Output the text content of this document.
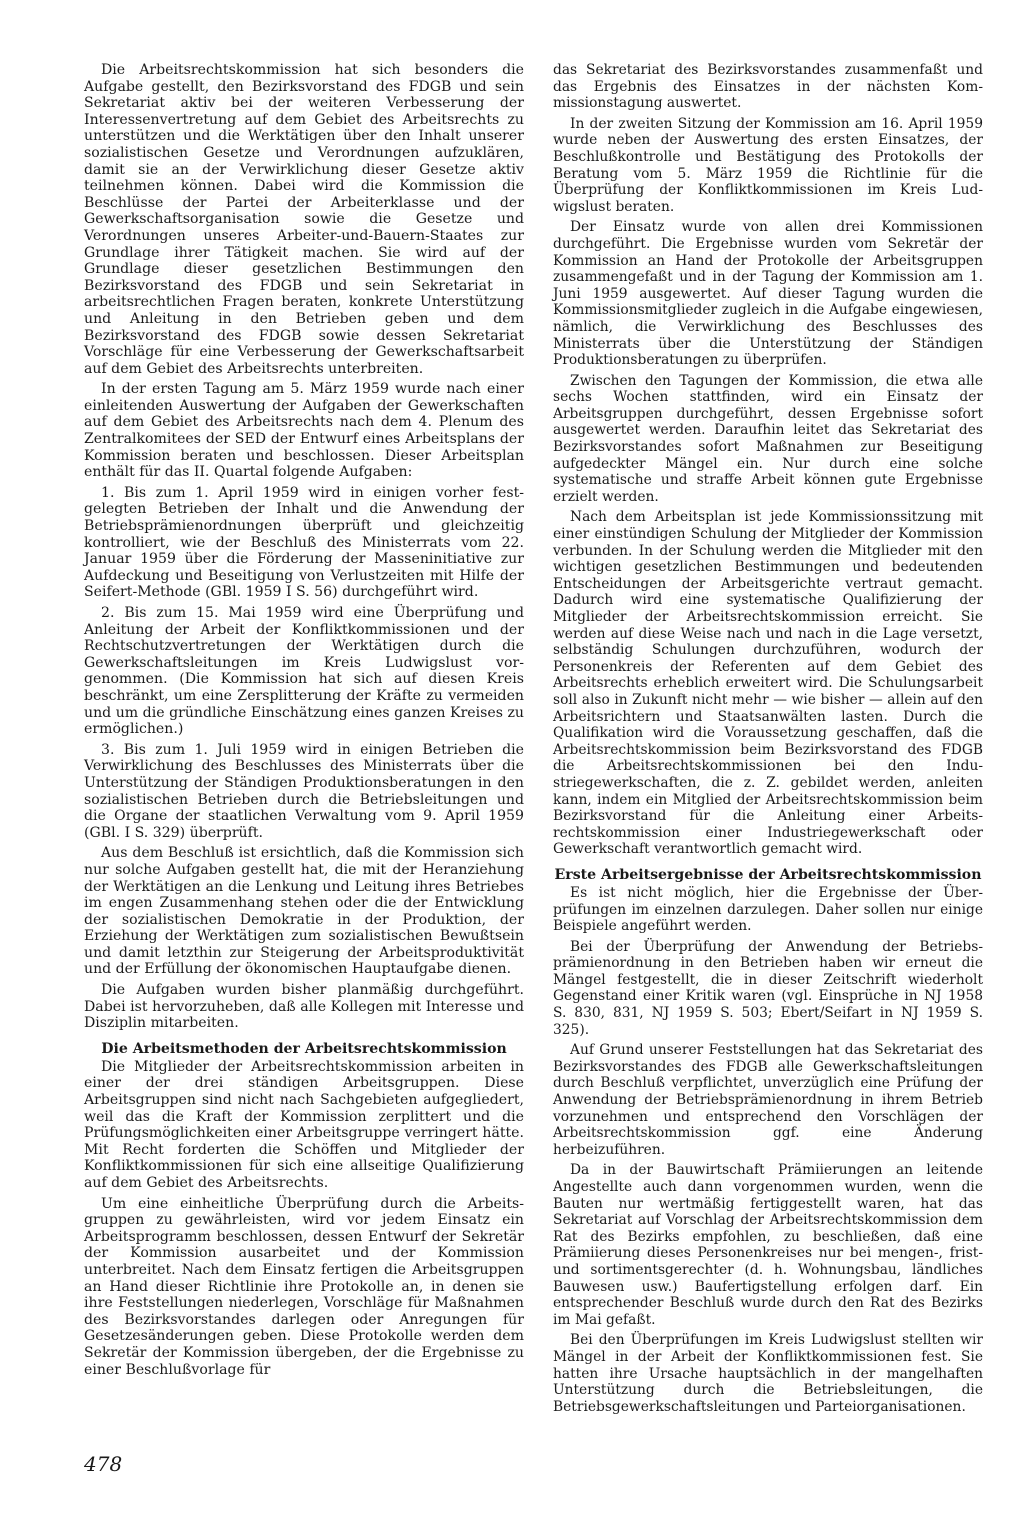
Die Arbeitsrechtskommission hat sich besonders die Aufgabe gestellt, den Bezirksvorstand des FDGB und sein Sekretariat aktiv bei der weiteren Verbesserung der Interessenvertretung auf dem Gebiet des Arbeitsrechts zu unterstützen und die Werktätigen über den Inhalt unserer sozialistischen Gesetze und Verordnungen aufzuklären, damit sie an der Verwirklichung dieser Gesetze aktiv teilnehmen können. Dabei wird die Kommission die Beschlüsse der Partei der Arbeiterklasse und der Gewerkschaftsorganisation sowie die Gesetze und Verordnungen unseres Arbeiter-und-Bauern-Staates zur Grundlage ihrer Tätigkeit machen. Sie wird auf der Grundlage dieser gesetzlichen Bestimmungen den Bezirksvorstand des FDGB und sein Sekretariat in arbeitsrechtlichen Fragen beraten, konkrete Unterstützung und Anleitung in den Betrieben geben und dem Bezirksvorstand des FDGB sowie dessen Sekretariat Vorschläge für eine Verbesserung der Gewerkschaftsarbeit auf dem Gebiet des Arbeitsrechts unterbreiten.

In der ersten Tagung am 5. März 1959 wurde nach einer einleitenden Auswertung der Aufgaben der Gewerkschaften auf dem Gebiet des Arbeitsrechts nach dem 4. Plenum des Zentralkomitees der SED der Entwurf eines Arbeitsplans der Kommission beraten und beschlossen. Dieser Arbeitsplan enthält für das II. Quartal folgende Aufgaben:

1. Bis zum 1. April 1959 wird in einigen vorher festgelegten Betrieben der Inhalt und die Anwendung der Betriebsprämienordnungen überprüft und gleichzeitig kontrolliert, wie der Beschluß des Ministerrats vom 22. Januar 1959 über die Förderung der Masseninitiative zur Aufdeckung und Beseitigung von Verlustzeiten mit Hilfe der Seifert-Methode (GBl. 1959 I S. 56) durchgeführt wird.

2. Bis zum 15. Mai 1959 wird eine Überprüfung und Anleitung der Arbeit der Konfliktkommissionen und der Rechtschutzvertretungen der Werktätigen durch die Gewerkschaftsleitungen im Kreis Ludwigslust vorgenommen. (Die Kommission hat sich auf diesen Kreis beschränkt, um eine Zersplitterung der Kräfte zu vermeiden und um die gründliche Einschätzung eines ganzen Kreises zu ermöglichen.)

3. Bis zum 1. Juli 1959 wird in einigen Betrieben die Verwirklichung des Beschlusses des Ministerrats über die Unterstützung der Ständigen Produktionsberatungen in den sozialistischen Betrieben durch die Betriebsleitungen und die Organe der staatlichen Verwaltung vom 9. April 1959 (GBl. I S. 329) überprüft.

Aus dem Beschluß ist ersichtlich, daß die Kommission sich nur solche Aufgaben gestellt hat, die mit der Heranziehung der Werktätigen an die Lenkung und Leitung ihres Betriebes im engen Zusammenhang stehen oder die der Entwicklung der sozialistischen Demokratie in der Produktion, der Erziehung der Werktätigen zum sozialistischen Bewußtsein und damit letzthin zur Steigerung der Arbeitsproduktivität und der Erfüllung der ökonomischen Hauptaufgabe dienen.

Die Aufgaben wurden bisher planmäßig durchgeführt. Dabei ist hervorzuheben, daß alle Kollegen mit Interesse und Disziplin mitarbeiten.

Die Arbeitsmethoden der Arbeitsrechtskommission

Die Mitglieder der Arbeitsrechtskommission arbeiten in einer der drei ständigen Arbeitsgruppen. Diese Arbeitsgruppen sind nicht nach Sachgebieten aufgegliedert, weil das die Kraft der Kommission zerplittert und die Prüfungsmöglichkeiten einer Arbeitsgruppe verringert hätte. Mit Recht forderten die Schöffen und Mitglieder der Konfliktkommissionen für sich eine allseitige Qualifizierung auf dem Gebiet des Arbeitsrechts.

Um eine einheitliche Überprüfung durch die Arbeitsgruppen zu gewährleisten, wird vor jedem Einsatz ein Arbeitsprogramm beschlossen, dessen Entwurf der Sekretär der Kommission ausarbeitet und der Kommission unterbreitet. Nach dem Einsatz fertigen die Arbeitsgruppen an Hand dieser Richtlinie ihre Protokolle an, in denen sie ihre Feststellungen niederlegen, Vorschläge für Maßnahmen des Bezirksvorstandes darlegen oder Anregungen für Gesetzesänderungen geben. Diese Protokolle werden dem Sekretär der Kommission übergeben, der die Ergebnisse zu einer Beschlußvorlage für

das Sekretariat des Bezirksvorstandes zusammenfaßt und das Ergebnis des Einsatzes in der nächsten Kommissionstagung auswertet.

In der zweiten Sitzung der Kommission am 16. April 1959 wurde neben der Auswertung des ersten Einsatzes, der Beschlußkontrolle und Bestätigung des Protokolls der Beratung vom 5. März 1959 die Richtlinie für die Überprüfung der Konfliktkommissionen im Kreis Ludwigslust beraten.

Der Einsatz wurde von allen drei Kommissionen durchgeführt. Die Ergebnisse wurden vom Sekretär der Kommission an Hand der Protokolle der Arbeitsgruppen zusammengefaßt und in der Tagung der Kommission am 1. Juni 1959 ausgewertet. Auf dieser Tagung wurden die Kommissionsmitglieder zugleich in die Aufgabe eingewiesen, nämlich, die Verwirklichung des Beschlusses des Ministerrats über die Unterstützung der Ständigen Produktionsberatungen zu überprüfen.

Zwischen den Tagungen der Kommission, die etwa alle sechs Wochen stattfinden, wird ein Einsatz der Arbeitsgruppen durchgeführt, dessen Ergebnisse sofort ausgewertet werden. Daraufhin leitet das Sekretariat des Bezirksvorstandes sofort Maßnahmen zur Beseitigung aufgedeckter Mängel ein. Nur durch eine solche systematische und straffe Arbeit können gute Ergebnisse erzielt werden.

Nach dem Arbeitsplan ist jede Kommissionssitzung mit einer einstündigen Schulung der Mitglieder der Kommission verbunden. In der Schulung werden die Mitglieder mit den wichtigen gesetzlichen Bestimmungen und bedeutenden Entscheidungen der Arbeitsgerichte vertraut gemacht. Dadurch wird eine systematische Qualifizierung der Mitglieder der Arbeitsrechtskommission erreicht. Sie werden auf diese Weise nach und nach in die Lage versetzt, selbständig Schulungen durchzuführen, wodurch der Personenkreis der Referenten auf dem Gebiet des Arbeitsrechts erheblich erweitert wird. Die Schulungsarbeit soll also in Zukunft nicht mehr — wie bisher — allein auf den Arbeitsrichtern und Staatsanwälten lasten. Durch die Qualifikation wird die Voraussetzung geschaffen, daß die Arbeitsrechtskommission beim Bezirksvorstand des FDGB die Arbeitsrechtskommissionen bei den Industriegewerkschaften, die z. Z. gebildet werden, anleiten kann, indem ein Mitglied der Arbeitsrechtskommission beim Bezirksvorstand für die Anleitung einer Arbeitsrechtskommission einer Industriegewerkschaft oder Gewerkschaft verantwortlich gemacht wird.

Erste Arbeitsergebnisse der Arbeitsrechtskommission

Es ist nicht möglich, hier die Ergebnisse der Überprüfungen im einzelnen darzulegen. Daher sollen nur einige Beispiele angeführt werden.

Bei der Überprüfung der Anwendung der Betriebsprämienordnung in den Betrieben haben wir erneut die Mängel festgestellt, die in dieser Zeitschrift wiederholt Gegenstand einer Kritik waren (vgl. Einsprüche in NJ 1958 S. 830, 831, NJ 1959 S. 503; Ebert/Seifart in NJ 1959 S. 325).

Auf Grund unserer Feststellungen hat das Sekretariat des Bezirksvorstandes des FDGB alle Gewerkschaftsleitungen durch Beschluß verpflichtet, unverzüglich eine Prüfung der Anwendung der Betriebsprämienordnung in ihrem Betrieb vorzunehmen und entsprechend den Vorschlägen der Arbeitsrechtskommission ggf. eine Änderung herbeizuführen.

Da in der Bauwirtschaft Prämiierungen an leitende Angestellte auch dann vorgenommen wurden, wenn die Bauten nur wertmäßig fertiggestellt waren, hat das Sekretariat auf Vorschlag der Arbeitsrechtskommission dem Rat des Bezirks empfohlen, zu beschließen, daß eine Prämiierung dieses Personenkreises nur bei mengen-, frist- und sortimentsgerechter (d. h. Wohnungsbau, ländliches Bauwesen usw.) Baufertigstellung erfolgen darf. Ein entsprechender Beschluß wurde durch den Rat des Bezirks im Mai gefaßt.

Bei den Überprüfungen im Kreis Ludwigslust stellten wir Mängel in der Arbeit der Konfliktkommissionen fest. Sie hatten ihre Ursache hauptsächlich in der mangelhaften Unterstützung durch die Betriebsleitungen, die Betriebsgewerkschaftsleitungen und Parteiorganisationen.

478
